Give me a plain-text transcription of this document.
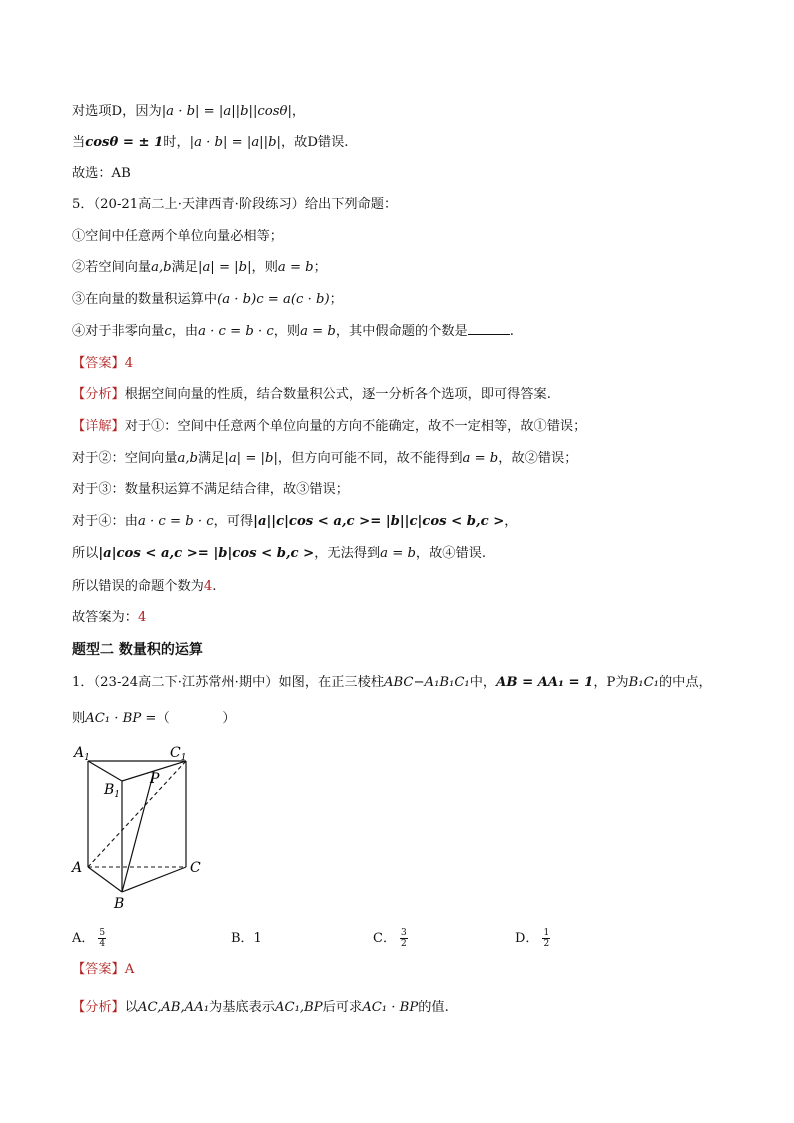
对选项D，因为|a · b| = |a||b||cosθ|，
当cosθ = ± 1时，|a · b| = |a||b|，故D错误.
故选：AB
5．（20-21高二上·天津西青·阶段练习）给出下列命题：
①空间中任意两个单位向量必相等；
②若空间向量a,b满足|a| = |b|，则a = b；
③在向量的数量积运算中(a · b)c = a(c · b)；
④对于非零向量c，由a · c = b · c，则a = b，其中假命题的个数是	.
【答案】4
【分析】根据空间向量的性质，结合数量积公式，逐一分析各个选项，即可得答案.
【详解】对于①：空间中任意两个单位向量的方向不能确定，故不一定相等，故①错误；
对于②：空间向量a,b满足|a| = |b|，但方向可能不同，故不能得到a = b，故②错误；
对于③：数量积运算不满足结合律，故③错误；
对于④：由a · c = b · c，可得|a||c|cos < a,c >= |b||c|cos < b,c >，
所以|a|cos < a,c >= |b|cos < b,c >，无法得到a = b，故④错误.
所以错误的命题个数为4.
故答案为：4
题型二 数量积的运算
1．（23-24高二下·江苏常州·期中）如图，在正三棱柱ABC−A₁B₁C₁中，AB = AA₁ = 1，P为B₁C₁的中点，
则AC₁ · BP =（　　　　）
$A_1$	$C_1$
$B_1$
P
A
B
C
A． $\frac{5}{4}$	B．1	C． $\frac{3}{2}$	D． $\frac{1}{2}$
【答案】A
【分析】以AC,AB,AA₁为基底表示AC₁,BP后可求AC₁ · BP的值.
